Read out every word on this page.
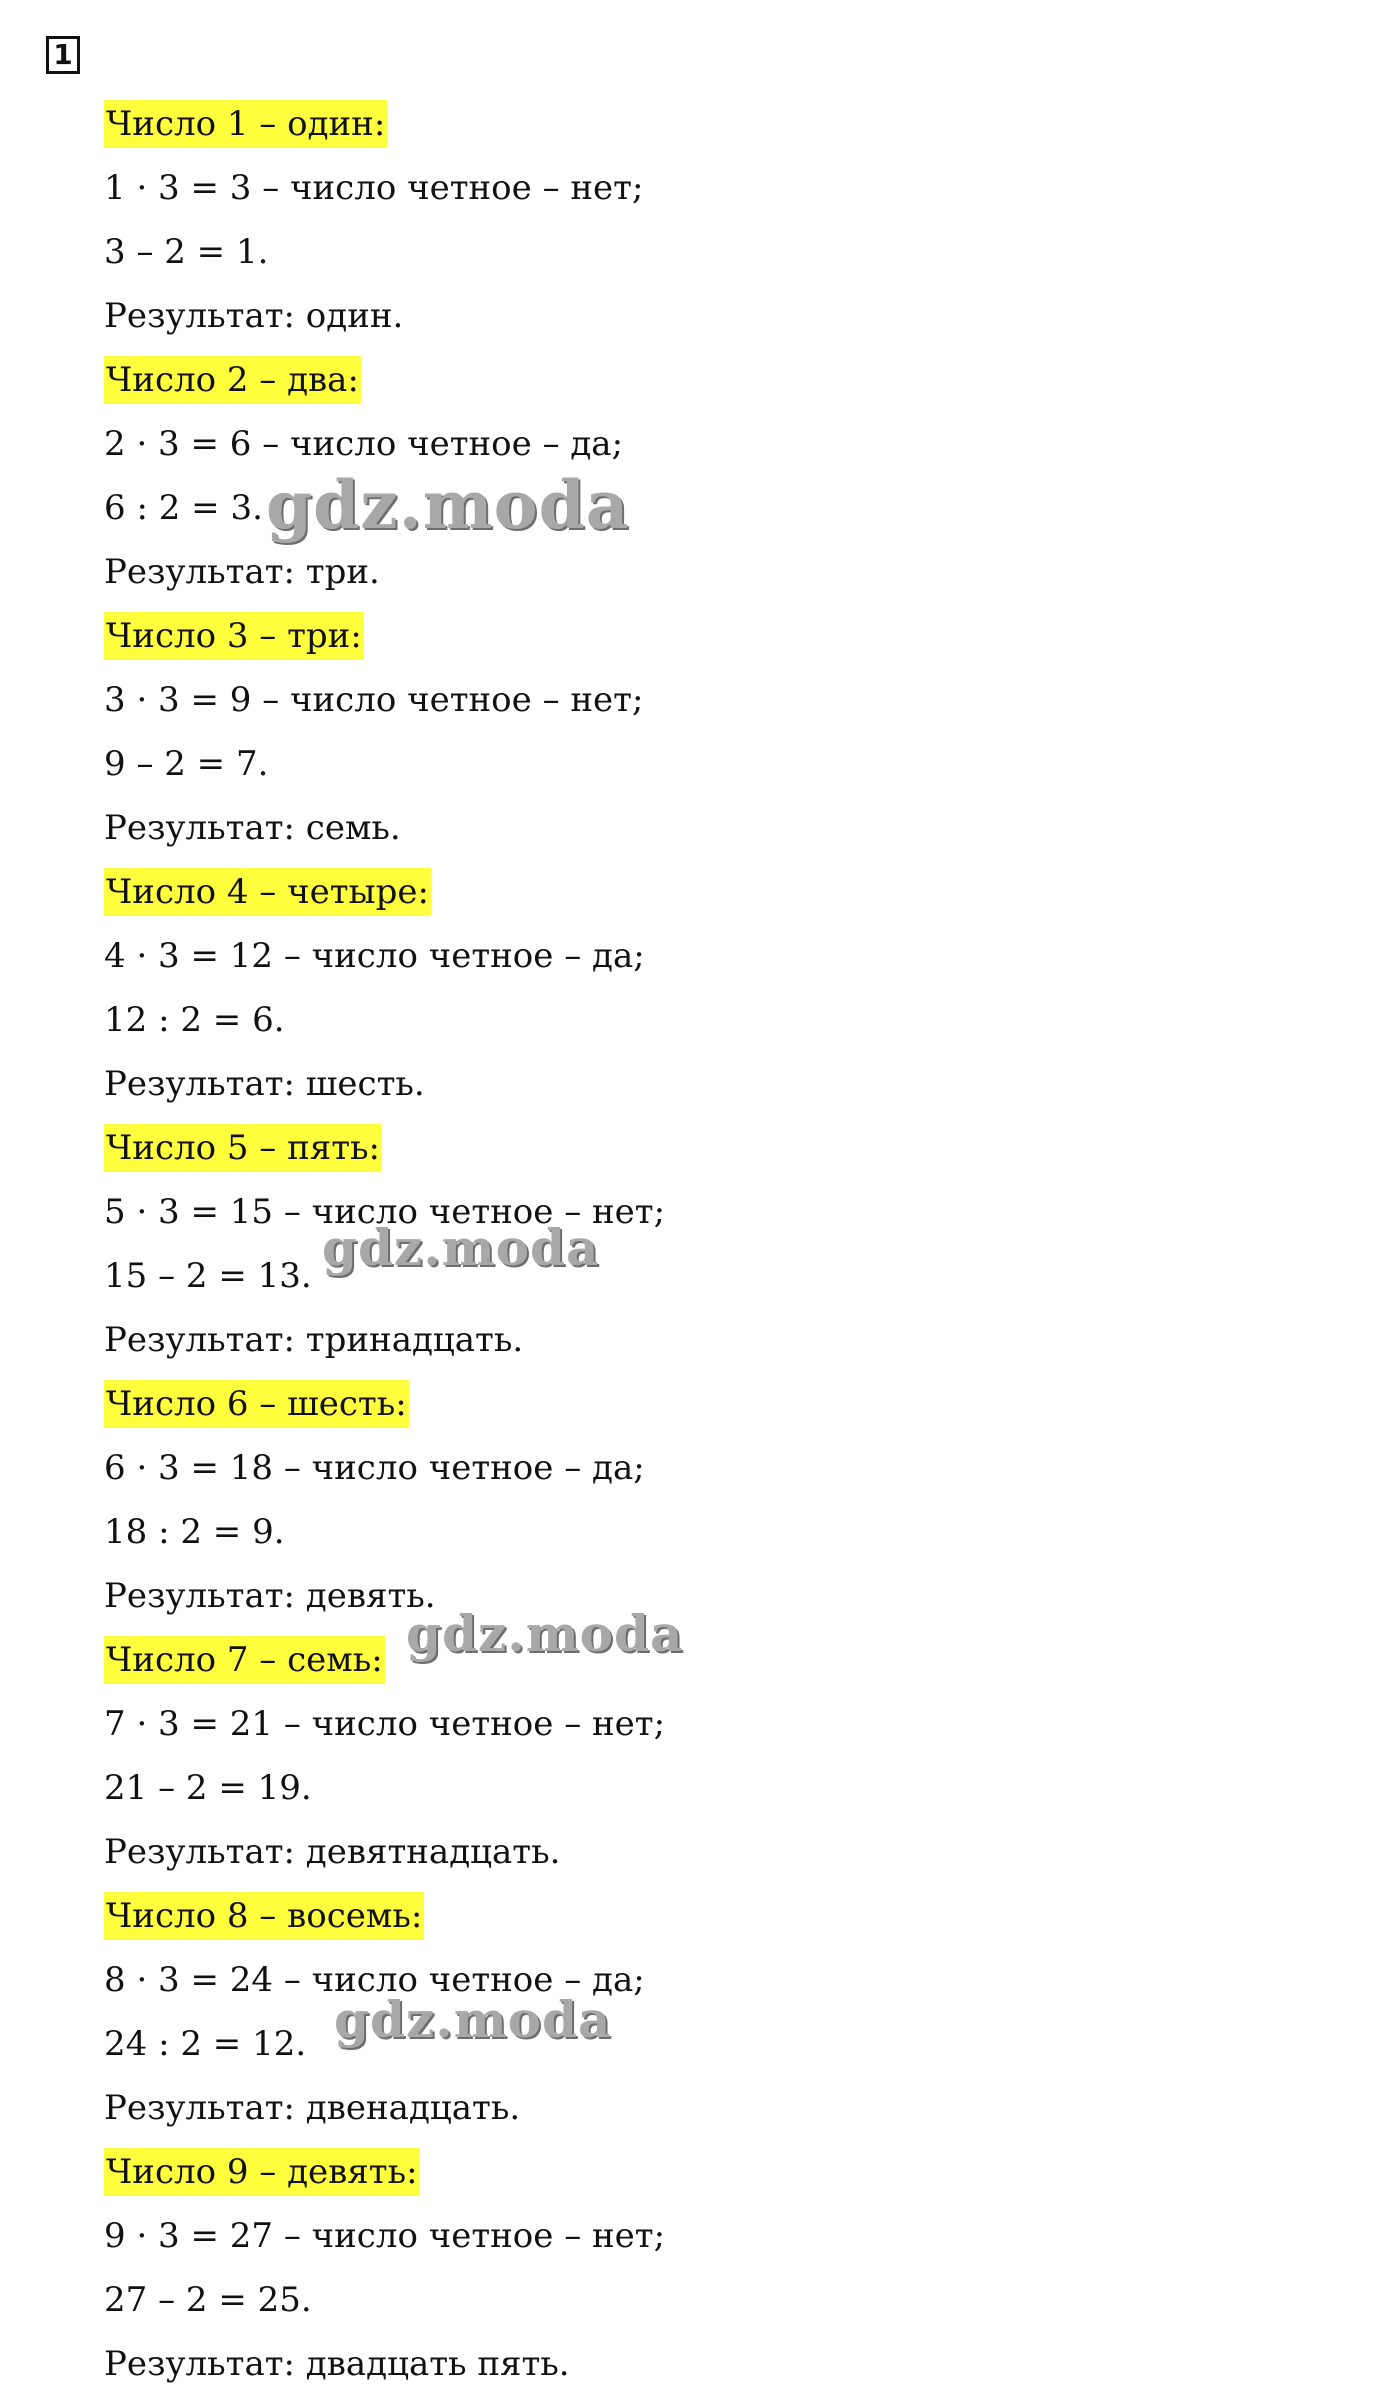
1
Число 1 – один:
1 · 3 = 3 – число четное – нет;
3 – 2 = 1.
Результат: один.
Число 2 – два:
2 · 3 = 6 – число четное – да;
6 : 2 = 3.
Результат: три.
Число 3 – три:
3 · 3 = 9 – число четное – нет;
9 – 2 = 7.
Результат: семь.
Число 4 – четыре:
4 · 3 = 12 – число четное – да;
12 : 2 = 6.
Результат: шесть.
Число 5 – пять:
5 · 3 = 15 – число четное – нет;
15 – 2 = 13.
Результат: тринадцать.
Число 6 – шесть:
6 · 3 = 18 – число четное – да;
18 : 2 = 9.
Результат: девять.
Число 7 – семь:
7 · 3 = 21 – число четное – нет;
21 – 2 = 19.
Результат: девятнадцать.
Число 8 – восемь:
8 · 3 = 24 – число четное – да;
24 : 2 = 12.
Результат: двенадцать.
Число 9 – девять:
9 · 3 = 27 – число четное – нет;
27 – 2 = 25.
Результат: двадцать пять.
gdz.moda
gdz.moda
gdz.moda
gdz.moda
